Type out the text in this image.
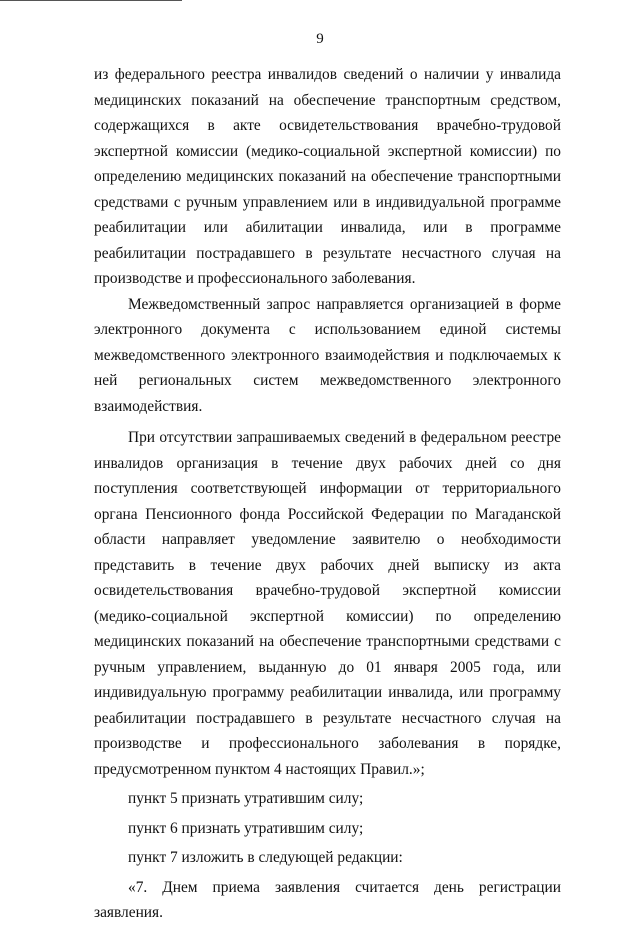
9

из федерального реестра инвалидов сведений о наличии у инвалида медицинских показаний на обеспечение транспортным средством, содержащихся в акте освидетельствования врачебно-трудовой экспертной комиссии (медико-социальной экспертной комиссии) по определению медицинских показаний на обеспечение транспортными средствами с ручным управлением или в индивидуальной программе реабилитации или абилитации инвалида, или в программе реабилитации пострадавшего в результате несчастного случая на производстве и профессионального заболевания.

Межведомственный запрос направляется организацией в форме электронного документа с использованием единой системы межведомственного электронного взаимодействия и подключаемых к ней региональных систем межведомственного электронного взаимодействия.

При отсутствии запрашиваемых сведений в федеральном реестре инвалидов организация в течение двух рабочих дней со дня поступления соответствующей информации от территориального органа Пенсионного фонда Российской Федерации по Магаданской области направляет уведомление заявителю о необходимости представить в течение двух рабочих дней выписку из акта освидетельствования врачебно-трудовой экспертной комиссии (медико-социальной экспертной комиссии) по определению медицинских показаний на обеспечение транспортными средствами с ручным управлением, выданную до 01 января 2005 года, или индивидуальную программу реабилитации инвалида, или программу реабилитации пострадавшего в результате несчастного случая на производстве и профессионального заболевания в порядке, предусмотренном пунктом 4 настоящих Правил.»;

пункт 5 признать утратившим силу;

пункт 6 признать утратившим силу;

пункт 7 изложить в следующей редакции:

«7. Днем приема заявления считается день регистрации заявления.
